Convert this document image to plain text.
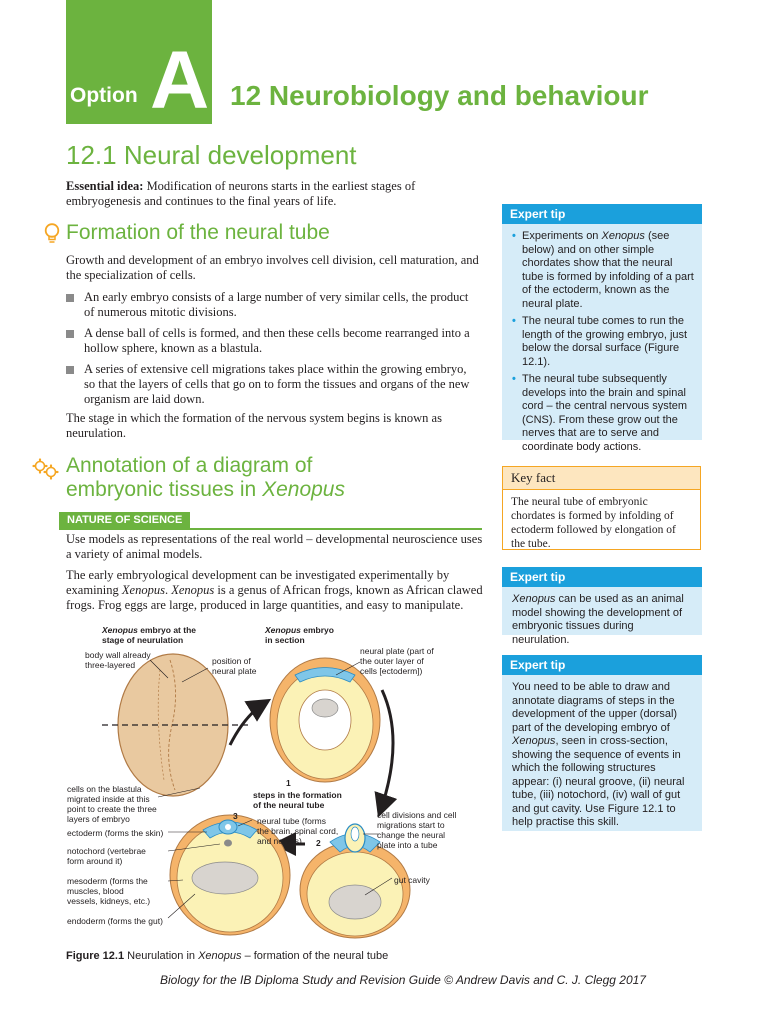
Option A 12 Neurobiology and behaviour
12.1 Neural development
Essential idea: Modification of neurons starts in the earliest stages of embryogenesis and continues to the final years of life.
Formation of the neural tube
Growth and development of an embryo involves cell division, cell maturation, and the specialization of cells.
An early embryo consists of a large number of very similar cells, the product of numerous mitotic divisions.
A dense ball of cells is formed, and then these cells become rearranged into a hollow sphere, known as a blastula.
A series of extensive cell migrations takes place within the growing embryo, so that the layers of cells that go on to form the tissues and organs of the new organism are laid down.
The stage in which the formation of the nervous system begins is known as neurulation.
Annotation of a diagram of
embryonic tissues in Xenopus
NATURE OF SCIENCE
Use models as representations of the real world – developmental neuroscience uses a variety of animal models.
The early embryological development can be investigated experimentally by examining Xenopus. Xenopus is a genus of African frogs, known as African clawed frogs. Frog eggs are large, produced in large quantities, and easy to manipulate.
Xenopus embryo at the
stage of neurulation
Xenopus embryo
in section
body wall already
three-layered	position of
neural plate
neural plate (part of
the outer layer of
cells [ectoderm])
cells on the blastula
migrated inside at this
point to create the three
layers of embryo
1
steps in the formation
of the neural tube
3 neural tube (forms
the brain, spinal cord,
and nerves)	2
cell divisions and cell
migrations start to
change the neural
plate into a tube
ectoderm (forms the skin)
notochord (vertebrae
form around it)
mesoderm (forms the
muscles, blood
vessels, kidneys, etc.)
gut cavity
endoderm (forms the gut)
Figure 12.1 Neurulation in Xenopus – formation of the neural tube
Expert tip
• Experiments on Xenopus (see below) and on other simple chordates show that the neural tube is formed by infolding of a part of the ectoderm, known as the neural plate.
• The neural tube comes to run the length of the growing embryo, just below the dorsal surface (Figure 12.1).
• The neural tube subsequently develops into the brain and spinal cord – the central nervous system (CNS). From these grow out the nerves that are to serve and coordinate body actions.
Key fact
The neural tube of embryonic chordates is formed by infolding of ectoderm followed by elongation of the tube.
Expert tip
Xenopus can be used as an animal model showing the development of embryonic tissues during neurulation.
Expert tip
You need to be able to draw and annotate diagrams of steps in the development of the upper (dorsal) part of the developing embryo of Xenopus, seen in cross-section, showing the sequence of events in which the following structures appear: (i) neural groove, (ii) neural tube, (iii) notochord, (iv) wall of gut and gut cavity. Use Figure 12.1 to help practise this skill.
Biology for the IB Diploma Study and Revision Guide © Andrew Davis and C. J. Clegg 2017
